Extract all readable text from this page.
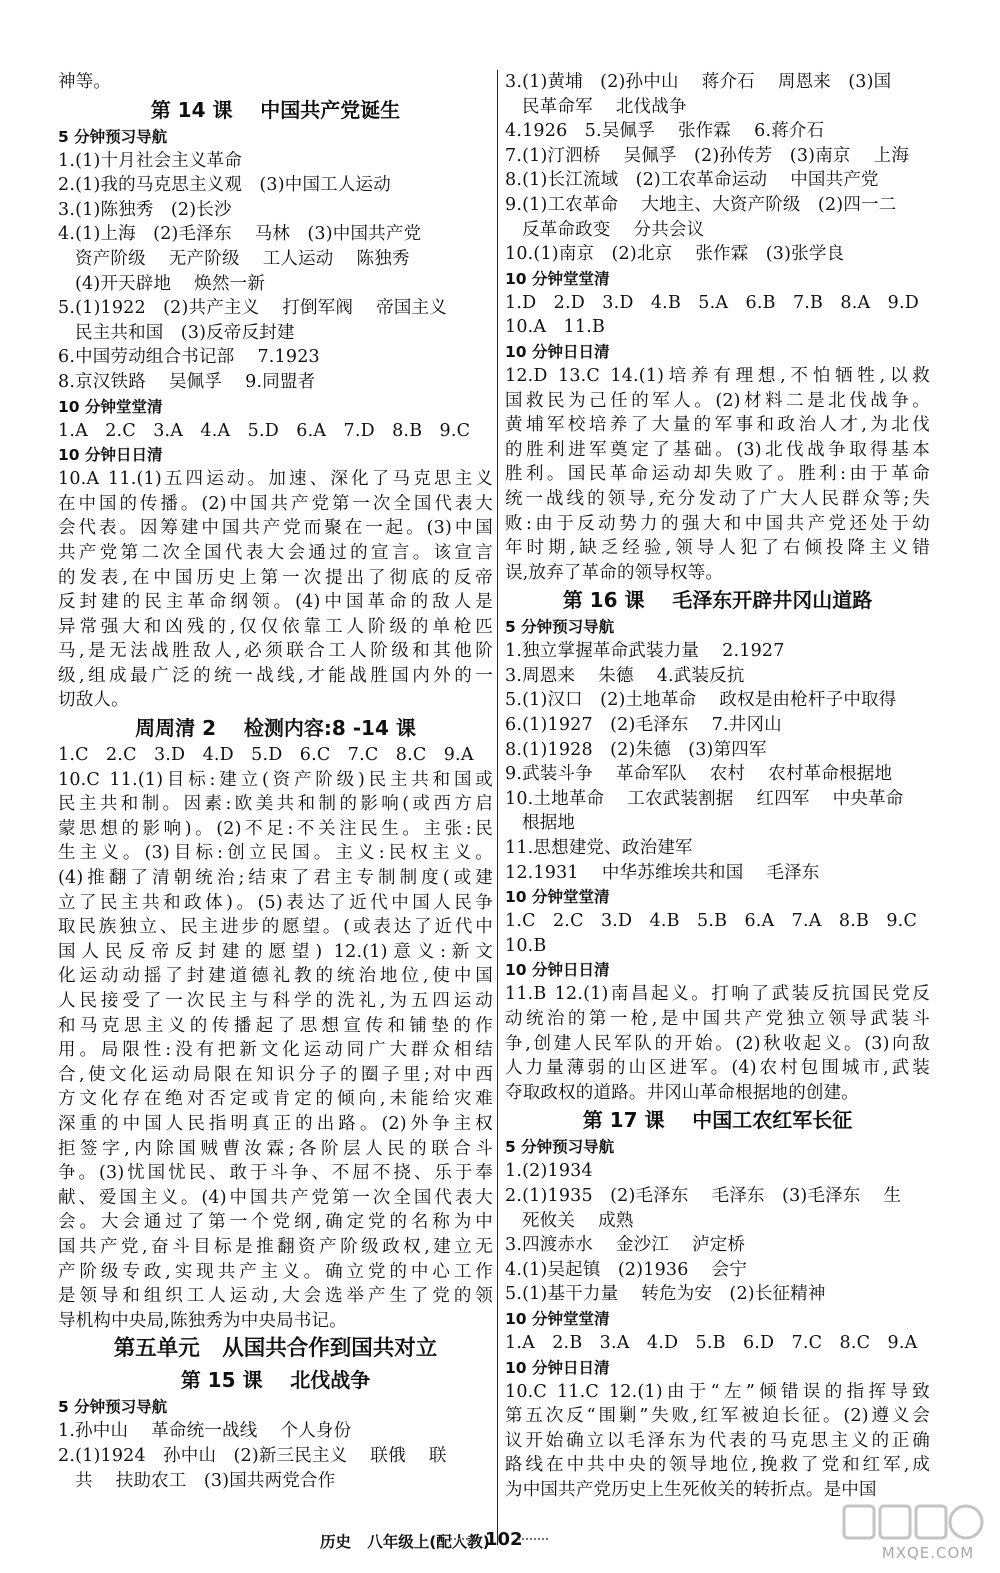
神等。
第 14 课    中国共产党诞生
5 分钟预习导航
1.(1)十月社会主义革命
2.(1)我的马克思主义观   (3)中国工人运动
3.(1)陈独秀   (2)长沙
4.(1)上海   (2)毛泽东    马林   (3)中国共产党
资产阶级    无产阶级    工人运动    陈独秀
(4)开天辟地    焕然一新
5.(1)1922   (2)共产主义    打倒军阀    帝国主义
民主共和国   (3)反帝反封建
6.中国劳动组合书记部    7.1923
8.京汉铁路    吴佩孚    9.同盟者
10 分钟堂堂清
1.A   2.C   3.A   4.A   5.D   6.A   7.D   8.B   9.C
10 分钟日日清
10.A 11.(1)五四运动。加速、深化了马克思主义
在中国的传播。(2)中国共产党第一次全国代表大
会代表。因筹建中国共产党而聚在一起。(3)中国
共产党第二次全国代表大会通过的宣言。该宣言
的发表,在中国历史上第一次提出了彻底的反帝
反封建的民主革命纲领。(4)中国革命的敌人是
异常强大和凶残的,仅仅依靠工人阶级的单枪匹
马,是无法战胜敌人,必须联合工人阶级和其他阶
级,组成最广泛的统一战线,才能战胜国内外的一
切敌人。
周周清 2    检测内容:8 -14 课
1.C   2.C   3.D   4.D   5.D   6.C   7.C   8.C   9.A
10.C 11.(1)目标:建立(资产阶级)民主共和国或
民主共和制。因素:欧美共和制的影响(或西方启
蒙思想的影响)。(2)不足:不关注民生。主张:民
生主义。(3)目标:创立民国。主义:民权主义。
(4)推翻了清朝统治;结束了君主专制制度(或建
立了民主共和政体)。(5)表达了近代中国人民争
取民族独立、民主进步的愿望。(或表达了近代中
国人民反帝反封建的愿望) 12.(1)意义:新文
化运动动摇了封建道德礼教的统治地位,使中国
人民接受了一次民主与科学的洗礼,为五四运动
和马克思主义的传播起了思想宣传和铺垫的作
用。局限性:没有把新文化运动同广大群众相结
合,使文化运动局限在知识分子的圈子里;对中西
方文化存在绝对否定或肯定的倾向,未能给灾难
深重的中国人民指明真正的出路。(2)外争主权
拒签字,内除国贼曹汝霖;各阶层人民的联合斗
争。(3)忧国忧民、敢于斗争、不屈不挠、乐于奉
献、爱国主义。(4)中国共产党第一次全国代表大
会。大会通过了第一个党纲,确定党的名称为中
国共产党,奋斗目标是推翻资产阶级政权,建立无
产阶级专政,实现共产主义。确立党的中心工作
是领导和组织工人运动,大会选举产生了党的领
导机构中央局,陈独秀为中央局书记。
第五单元   从国共合作到国共对立
第 15 课    北伐战争
5 分钟预习导航
1.孙中山    革命统一战线    个人身份
2.(1)1924   孙中山   (2)新三民主义    联俄    联
共    扶助农工   (3)国共两党合作
3.(1)黄埔   (2)孙中山    蒋介石    周恩来   (3)国
民革命军    北伐战争
4.1926   5.吴佩孚    张作霖    6.蒋介石
7.(1)汀泗桥    吴佩孚   (2)孙传芳   (3)南京    上海
8.(1)长江流域   (2)工农革命运动    中国共产党
9.(1)工农革命    大地主、大资产阶级   (2)四一二
反革命政变    分共会议
10.(1)南京   (2)北京    张作霖   (3)张学良
10 分钟堂堂清
1.D   2.D   3.D   4.B   5.A   6.B   7.B   8.A   9.D
10.A   11.B
10 分钟日日清
12.D 13.C 14.(1)培养有理想,不怕牺牲,以救
国救民为己任的军人。(2)材料二是北伐战争。
黄埔军校培养了大量的军事和政治人才,为北伐
的胜利进军奠定了基础。(3)北伐战争取得基本
胜利。国民革命运动却失败了。胜利:由于革命
统一战线的领导,充分发动了广大人民群众等;失
败:由于反动势力的强大和中国共产党还处于幼
年时期,缺乏经验,领导人犯了右倾投降主义错
误,放弃了革命的领导权等。
第 16 课    毛泽东开辟井冈山道路
5 分钟预习导航
1.独立掌握革命武装力量    2.1927
3.周恩来    朱德    4.武装反抗
5.(1)汉口   (2)土地革命    政权是由枪杆子中取得
6.(1)1927   (2)毛泽东    7.井冈山
8.(1)1928   (2)朱德   (3)第四军
9.武装斗争    革命军队    农村    农村革命根据地
10.土地革命    工农武装割据    红四军    中央革命
根据地
11.思想建党、政治建军
12.1931    中华苏维埃共和国    毛泽东
10 分钟堂堂清
1.C   2.C   3.D   4.B   5.B   6.A   7.A   8.B   9.C
10.B
10 分钟日日清
11.B 12.(1)南昌起义。打响了武装反抗国民党反
动统治的第一枪,是中国共产党独立领导武装斗
争,创建人民军队的开始。(2)秋收起义。(3)向敌
人力量薄弱的山区进军。(4)农村包围城市,武装
夺取政权的道路。井冈山革命根据地的创建。
第 17 课    中国工农红军长征
5 分钟预习导航
1.(2)1934
2.(1)1935   (2)毛泽东    毛泽东   (3)毛泽东    生
死攸关    成熟
3.四渡赤水    金沙江    泸定桥
4.(1)吴起镇   (2)1936    会宁
5.(1)基干力量    转危为安   (2)长征精神
10 分钟堂堂清
1.A   2.B   3.A   4.D   5.B   6.D   7.C   8.C   9.A
10 分钟日日清
10.C 11.C 12.(1)由于“左”倾错误的指挥导致
第五次反“围剿”失败,红军被迫长征。(2)遵义会
议开始确立以毛泽东为代表的马克思主义的正确
路线在中共中央的领导地位,挽救了党和红军,成
为中国共产党历史上生死攸关的转折点。是中国
历史   八年级上(配人教)
102
MXQE.COM
